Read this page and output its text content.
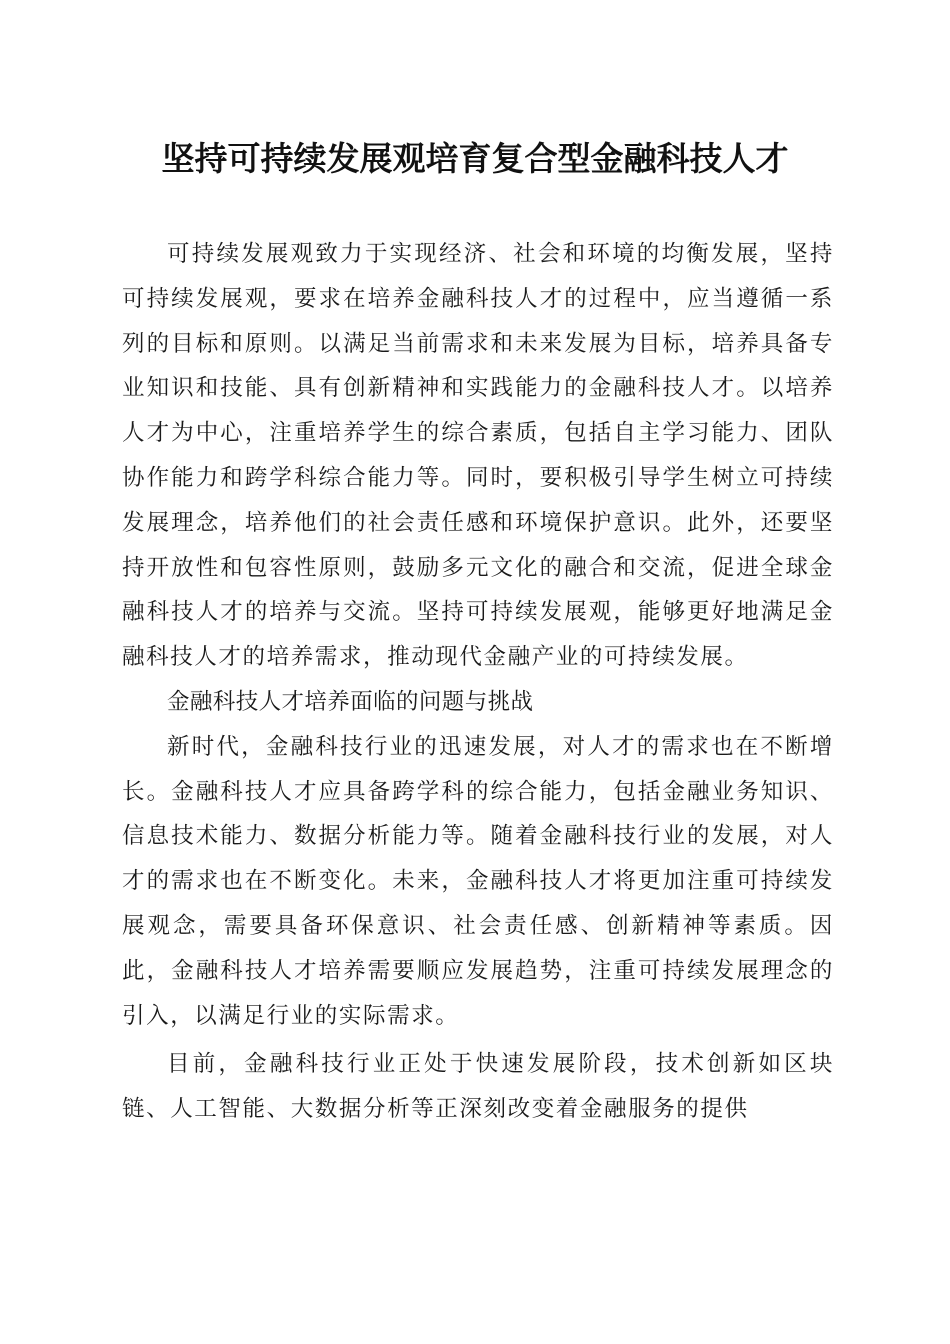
坚持可持续发展观培育复合型金融科技人才

可持续发展观致力于实现经济、社会和环境的均衡发展，坚持可持续发展观，要求在培养金融科技人才的过程中，应当遵循一系列的目标和原则。以满足当前需求和未来发展为目标，培养具备专业知识和技能、具有创新精神和实践能力的金融科技人才。以培养人才为中心，注重培养学生的综合素质，包括自主学习能力、团队协作能力和跨学科综合能力等。同时，要积极引导学生树立可持续发展理念，培养他们的社会责任感和环境保护意识。此外，还要坚持开放性和包容性原则，鼓励多元文化的融合和交流，促进全球金融科技人才的培养与交流。坚持可持续发展观，能够更好地满足金融科技人才的培养需求，推动现代金融产业的可持续发展。

金融科技人才培养面临的问题与挑战

新时代，金融科技行业的迅速发展，对人才的需求也在不断增长。金融科技人才应具备跨学科的综合能力，包括金融业务知识、信息技术能力、数据分析能力等。随着金融科技行业的发展，对人才的需求也在不断变化。未来，金融科技人才将更加注重可持续发展观念，需要具备环保意识、社会责任感、创新精神等素质。因此，金融科技人才培养需要顺应发展趋势，注重可持续发展理念的引入，以满足行业的实际需求。

目前，金融科技行业正处于快速发展阶段，技术创新如区块链、人工智能、大数据分析等正深刻改变着金融服务的提供
